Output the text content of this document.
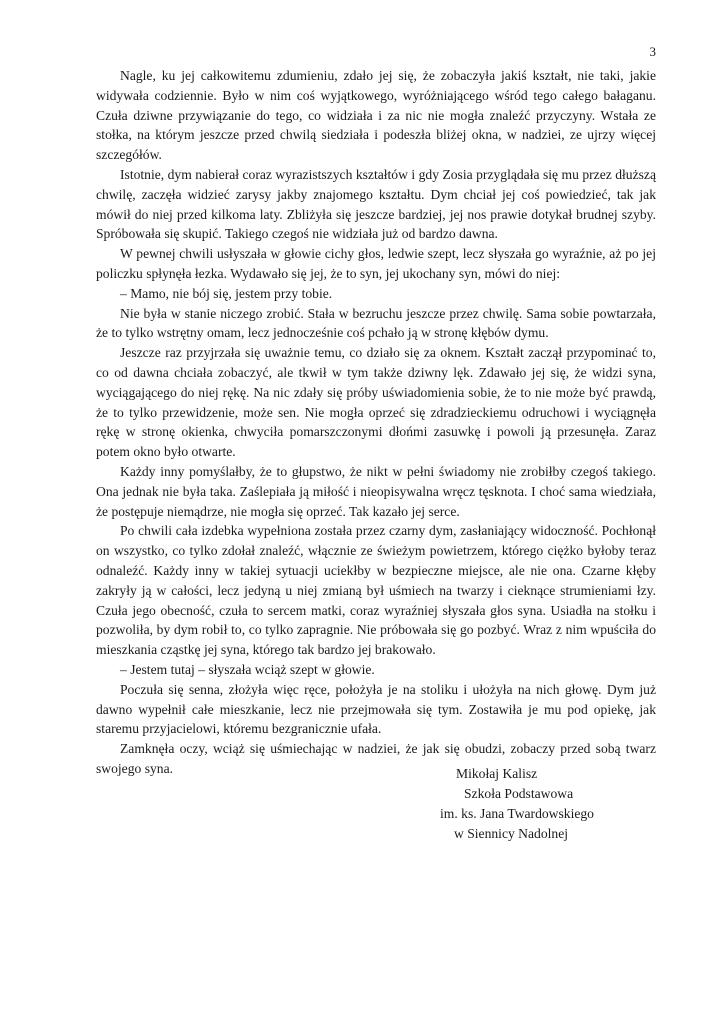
3

Nagle, ku jej całkowitemu zdumieniu, zdało jej się, że zobaczyła jakiś kształt, nie taki, jakie widywała codziennie. Było w nim coś wyjątkowego, wyróżniającego wśród tego całego bałaganu. Czuła dziwne przywiązanie do tego, co widziała i za nic nie mogła znaleźć przyczyny. Wstała ze stołka, na którym jeszcze przed chwilą siedziała i podeszła bliżej okna, w nadziei, ze ujrzy więcej szczegółów.

Istotnie, dym nabierał coraz wyrazistszych kształtów i gdy Zosia przyglądała się mu przez dłuższą chwilę, zaczęła widzieć zarysy jakby znajomego kształtu. Dym chciał jej coś powiedzieć, tak jak mówił do niej przed kilkoma laty. Zbliżyła się jeszcze bardziej, jej nos prawie dotykał brudnej szyby. Spróbowała się skupić. Takiego czegoś nie widziała już od bardzo dawna.

W pewnej chwili usłyszała w głowie cichy głos, ledwie szept, lecz słyszała go wyraźnie, aż po jej policzku spłynęła łezka. Wydawało się jej, że to syn, jej ukochany syn, mówi do niej:

– Mamo, nie bój się, jestem przy tobie.

Nie była w stanie niczego zrobić. Stała w bezruchu jeszcze przez chwilę. Sama sobie powtarzała, że to tylko wstrętny omam, lecz jednocześnie coś pchało ją w stronę kłębów dymu.

Jeszcze raz przyjrzała się uważnie temu, co działo się za oknem. Kształt zaczął przypominać to, co od dawna chciała zobaczyć, ale tkwił w tym także dziwny lęk. Zdawało jej się, że widzi syna, wyciągającego do niej rękę. Na nic zdały się próby uświadomienia sobie, że to nie może być prawdą, że to tylko przewidzenie, może sen. Nie mogła oprzeć się zdradzieckiemu odruchowi i wyciągnęła rękę w stronę okienka, chwyciła pomarszczonymi dłońmi zasuwkę i powoli ją przesunęła. Zaraz potem okno było otwarte.

Każdy inny pomyślałby, że to głupstwo, że nikt w pełni świadomy nie zrobiłby czegoś takiego. Ona jednak nie była taka. Zaślepiała ją miłość i nieopisywalna wręcz tęsknota. I choć sama wiedziała, że postępuje niemądrze, nie mogła się oprzeć. Tak kazało jej serce.

Po chwili cała izdebka wypełniona została przez czarny dym, zasłaniający widoczność. Pochłonął on wszystko, co tylko zdołał znaleźć, włącznie ze świeżym powietrzem, którego ciężko byłoby teraz odnaleźć. Każdy inny w takiej sytuacji uciekłby w bezpieczne miejsce, ale nie ona. Czarne kłęby zakryły ją w całości, lecz jedyną u niej zmianą był uśmiech na twarzy i cieknące strumieniami łzy. Czuła jego obecność, czuła to sercem matki, coraz wyraźniej słyszała głos syna. Usiadła na stołku i pozwoliła, by dym robił to, co tylko zapragnie. Nie próbowała się go pozbyć. Wraz z nim wpuściła do mieszkania cząstkę jej syna, którego tak bardzo jej brakowało.

– Jestem tutaj – słyszała wciąż szept w głowie.

Poczuła się senna, złożyła więc ręce, położyła je na stoliku i ułożyła na nich głowę. Dym już dawno wypełnił całe mieszkanie, lecz nie przejmowała się tym. Zostawiła je mu pod opiekę, jak staremu przyjacielowi, któremu bezgranicznie ufała.

Zamknęła oczy, wciąż się uśmiechając w nadziei, że jak się obudzi, zobaczy przed sobą twarz swojego syna.	Mikołaj Kalisz
Szkoła Podstawowa
im. ks. Jana Twardowskiego
w Siennicy Nadolnej
